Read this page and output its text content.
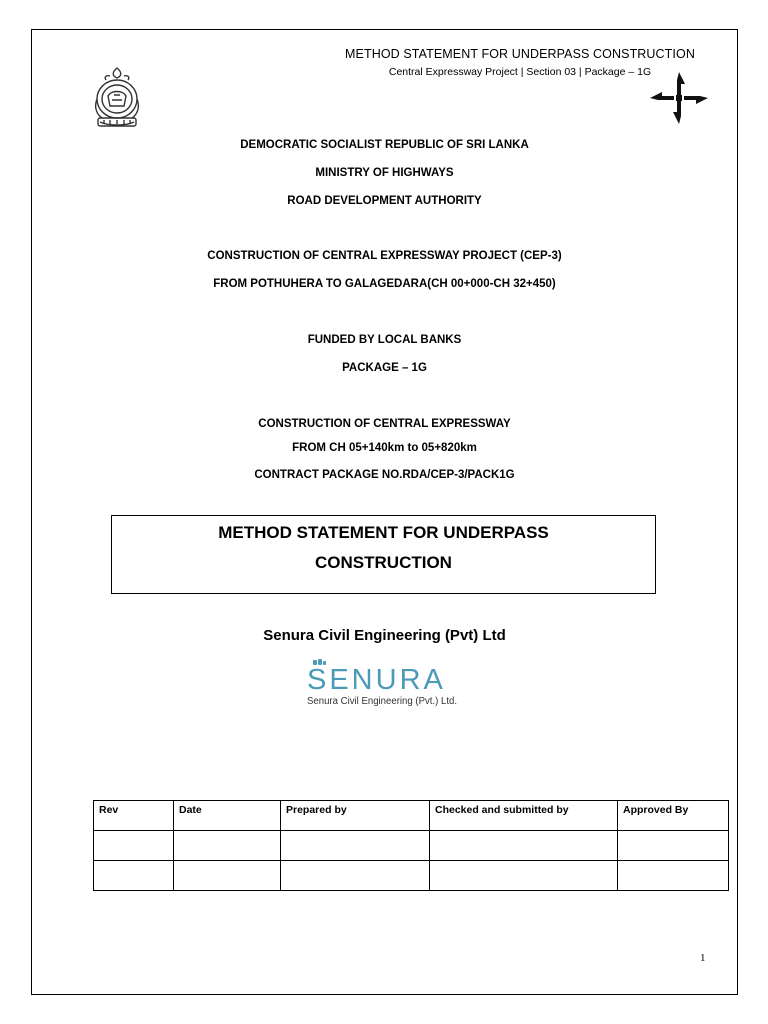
METHOD STATEMENT FOR UNDERPASS CONSTRUCTION
Central Expressway Project | Section 03 | Package – 1G
DEMOCRATIC SOCIALIST REPUBLIC OF SRI LANKA
MINISTRY OF HIGHWAYS
ROAD DEVELOPMENT AUTHORITY
CONSTRUCTION OF CENTRAL EXPRESSWAY PROJECT (CEP-3)
FROM POTHUHERA TO GALAGEDARA(CH 00+000-CH 32+450)
FUNDED BY LOCAL BANKS
PACKAGE – 1G
CONSTRUCTION OF CENTRAL EXPRESSWAY
FROM CH 05+140km to 05+820km
CONTRACT PACKAGE NO.RDA/CEP-3/PACK1G
METHOD STATEMENT FOR UNDERPASS
CONSTRUCTION
Senura Civil Engineering (Pvt) Ltd
SENURA
Senura Civil Engineering (Pvt.) Ltd.
Rev	Date	Prepared by	Checked and submitted by	Approved By

1
